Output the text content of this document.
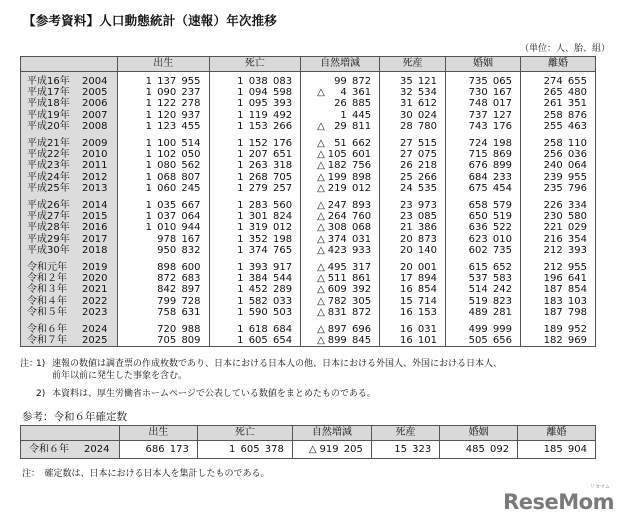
【参考資料】人口動態統計（速報）年次推移
（単位：人、胎、組）
	出生	死亡	自然増減	死産	婚姻	離婚
平成16年 2004	1 137 955	1 038 083	99 872	35 121	735 065	274 655
平成17年 2005	1 090 237	1 094 598	△ 4 361	32 534	730 167	265 480
平成18年 2006	1 122 278	1 095 393	26 885	31 612	748 017	261 351
平成19年 2007	1 120 937	1 119 492	1 445	30 024	737 127	258 876
平成20年 2008	1 123 455	1 153 266	△ 29 811	28 780	743 176	255 463

平成21年 2009	1 100 514	1 152 176	△ 51 662	27 515	724 198	258 110
平成22年 2010	1 102 050	1 207 651	△ 105 601	27 075	715 869	256 036
平成23年 2011	1 080 562	1 263 318	△ 182 756	26 218	676 899	240 064
平成24年 2012	1 068 807	1 268 705	△ 199 898	25 266	684 233	239 955
平成25年 2013	1 060 245	1 279 257	△ 219 012	24 535	675 454	235 796

平成26年 2014	1 035 667	1 283 560	△ 247 893	23 973	658 579	226 334
平成27年 2015	1 037 064	1 301 824	△ 264 760	23 085	650 519	230 580
平成28年 2016	1 010 944	1 319 012	△ 308 068	21 386	636 522	221 029
平成29年 2017	978 167	1 352 198	△ 374 031	20 873	623 010	216 354
平成30年 2018	950 832	1 374 765	△ 423 933	20 140	602 735	212 393

令和元年 2019	898 600	1 393 917	△ 495 317	20 001	615 652	212 955
令和２年 2020	872 683	1 384 544	△ 511 861	17 894	537 583	196 641
令和３年 2021	842 897	1 452 289	△ 609 392	16 854	514 242	187 854
令和４年 2022	799 728	1 582 033	△ 782 305	15 714	519 823	183 103
令和５年 2023	758 631	1 590 503	△ 831 872	16 153	489 281	187 798

令和６年 2024	720 988	1 618 684	△ 897 696	16 031	499 999	189 952
令和７年 2025	705 809	1 605 654	△ 899 845	16 101	505 656	182 969
注：
1) 速報の数値は調査票の作成枚数であり、日本における日本人の他、日本における外国人、外国における日本人、
前年以前に発生した事象を含む。
2) 本資料は、厚生労働省ホームページで公表している数値をまとめたものである。
参考：令和６年確定数
	出生	死亡	自然増減	死産	婚姻	離婚
令和６年 2024	686 173	1 605 378	△ 919 205	15 323	485 092	185 904
注：　確定数は、日本における日本人を集計したものである。
ReseMom
リセマム
